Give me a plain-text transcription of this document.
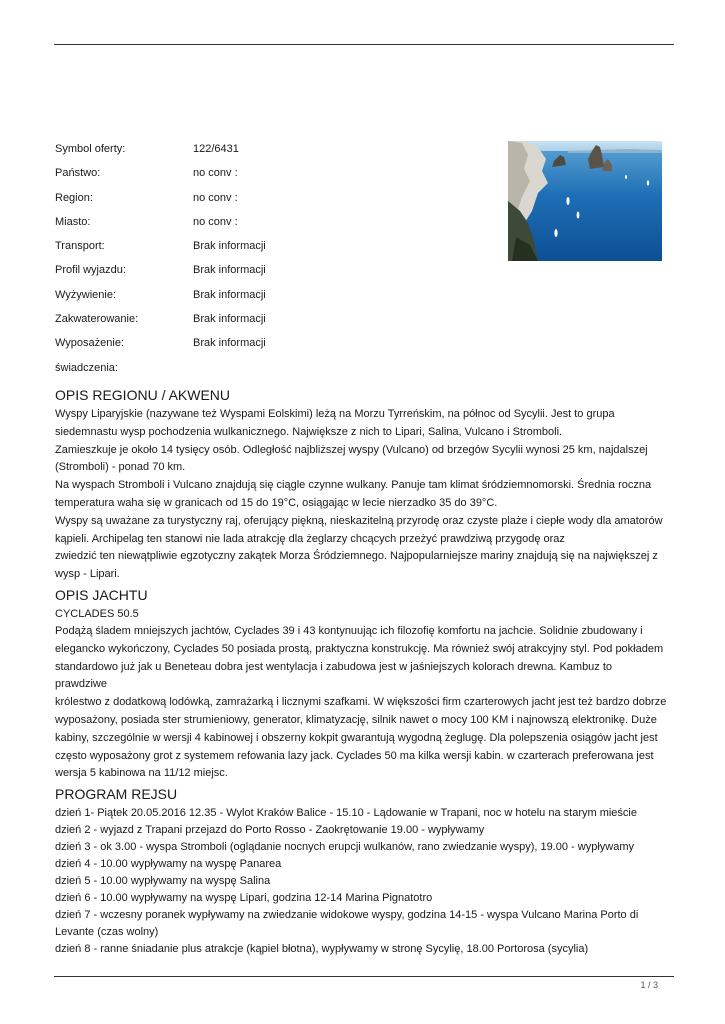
Symbol oferty:	122/6431
Państwo:	no conv :
Region:	no conv :
Miasto:	no conv :
Transport:	Brak informacji
Profil wyjazdu:	Brak informacji
Wyżywienie:	Brak informacji
Zakwaterowanie:	Brak informacji
Wyposażenie:	Brak informacji
świadczenia:
OPIS REGIONU / AKWENU

Wyspy Liparyjskie (nazywane też Wyspami Eolskimi) leżą na Morzu Tyrreńskim, na północ od Sycylii. Jest to grupa

siedemnastu wysp pochodzenia wulkanicznego. Największe z nich to Lipari, Salina, Vulcano i Stromboli.

Zamieszkuje je około 14 tysięcy osób. Odległość najbliższej wyspy (Vulcano) od brzegów Sycylii wynosi 25 km, najdalszej

(Stromboli) - ponad 70 km.

Na wyspach Stromboli i Vulcano znajdują się ciągle czynne wulkany. Panuje tam klimat śródziemnomorski. Średnia roczna

temperatura waha się w granicach od 15 do 19°C, osiągając w lecie nierzadko 35 do 39°C.

Wyspy są uważane za turystyczny raj, oferujący piękną, nieskazitelną przyrodę oraz czyste plaże i ciepłe wody dla amatorów

kąpieli. Archipelag ten stanowi nie lada atrakcję dla żeglarzy chcących przeżyć prawdziwą przygodę oraz

zwiedzić ten niewątpliwie egzotyczny zakątek Morza Śródziemnego. Najpopularniejsze mariny znajdują się na największej z

wysp - Lipari.

OPIS JACHTU

CYCLADES 50.5

Podążą śladem mniejszych jachtów, Cyclades 39 i 43 kontynuując ich filozofię komfortu na jachcie. Solidnie zbudowany i

elegancko wykończony, Cyclades 50 posiada prostą, praktyczna konstrukcję. Ma również swój atrakcyjny styl. Pod pokładem

standardowo już jak u Beneteau dobra jest wentylacja i zabudowa jest w jaśniejszych kolorach drewna. Kambuz to prawdziwe

królestwo z dodatkową lodówką, zamrażarką i licznymi szafkami. W większości firm czarterowych jacht jest też bardzo dobrze

wyposażony, posiada ster strumieniowy, generator, klimatyzację, silnik nawet o mocy 100 KM i najnowszą elektronikę. Duże

kabiny, szczególnie w wersji 4 kabinowej i obszerny kokpit gwarantują wygodną żeglugę. Dla polepszenia osiągów jacht jest

często wyposażony grot z systemem refowania lazy jack. Cyclades 50 ma kilka wersji kabin. w czarterach preferowana jest

wersja 5 kabinowa na 11/12 miejsc.

PROGRAM REJSU

dzień 1- Piątek 20.05.2016 12.35 - Wylot Kraków Balice - 15.10 - Lądowanie w Trapani, noc w hotelu na starym mieście

dzień 2 - wyjazd z Trapani przejazd do Porto Rosso - Zaokrętowanie 19.00 - wypływamy

dzień 3 - ok 3.00 - wyspa Stromboli (oglądanie nocnych erupcji wulkanów, rano zwiedzanie wyspy), 19.00 - wypływamy

dzień 4 - 10.00 wypływamy na wyspę Panarea

dzień 5 - 10.00 wypływamy na wyspę Salina

dzień 6 - 10.00 wypływamy na wyspę Lipari, godzina 12-14 Marina Pignatotro

dzień 7 - wczesny poranek wypływamy na zwiedzanie widokowe wyspy, godzina 14-15 - wyspa Vulcano Marina Porto di

Levante (czas wolny)

dzień 8 - ranne śniadanie plus atrakcje (kąpiel błotna), wypływamy w stronę Sycylię, 18.00 Portorosa (sycylia)

1 / 3
